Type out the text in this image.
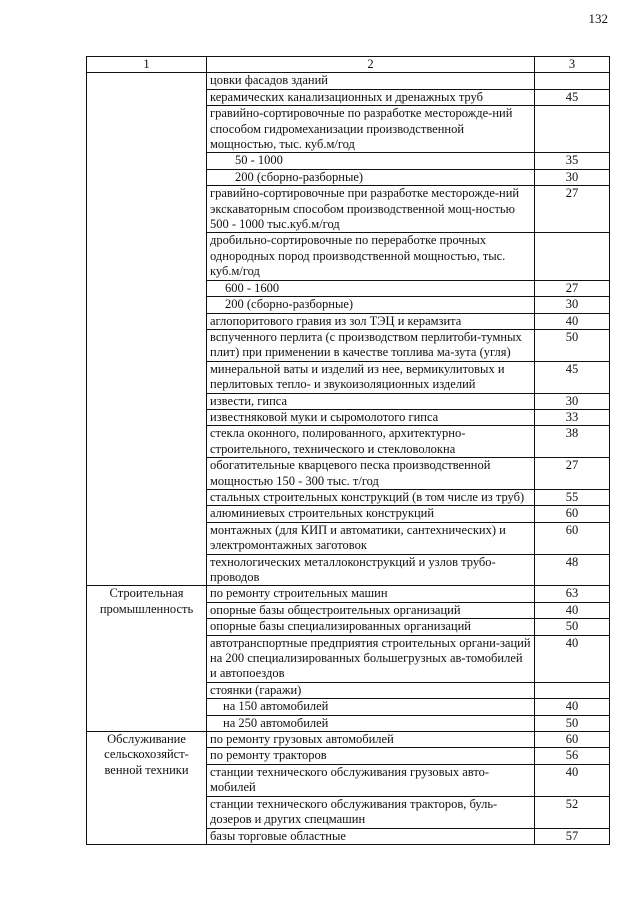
132
1	2	3
	цовки фасадов зданий	
	керамических канализационных и дренажных труб	45
	гравийно-сортировочные по разработке месторожде-ний способом гидромеханизации производственной мощностью, тыс. куб.м/год	
	50 - 1000	35
	200 (сборно-разборные)	30
	гравийно-сортировочные при разработке месторожде-ний экскаваторным способом производственной мощ-ностью 500 - 1000 тыс.куб.м/год	27
	дробильно-сортировочные по переработке прочных однородных пород производственной мощностью, тыс. куб.м/год	
	600 - 1600	27
	200 (сборно-разборные)	30
	аглопоритового гравия из зол ТЭЦ и керамзита	40
	вспученного перлита (с производством перлитоби-тумных плит) при применении в качестве топлива ма-зута (угля)	50
	минеральной ваты и изделий из нее, вермикулитовых и перлитовых тепло- и звукоизоляционных изделий	45
	извести, гипса	30
	известняковой муки и сыромолотого гипса	33
	стекла оконного, полированного, архитектурно-строительного, технического и стекловолокна	38
	обогатительные кварцевого песка производственной мощностью 150 - 300 тыс. т/год	27
	стальных строительных конструкций (в том числе из труб)	55
	алюминиевых строительных конструкций	60
	монтажных (для КИП и автоматики, сантехнических) и электромонтажных заготовок	60
	технологических металлоконструкций и узлов трубо-проводов	48
Строительная промышленность	по ремонту строительных машин	63
	опорные базы общестроительных организаций	40
	опорные базы специализированных организаций	50
	автотранспортные предприятия строительных органи-заций на 200 специализированных большегрузных ав-томобилей и автопоездов	40
	стоянки (гаражи)	
	на 150 автомобилей	40
	на 250 автомобилей	50
Обслуживание сельскохозяйст-венной техники	по ремонту грузовых автомобилей	60
	по ремонту тракторов	56
	станции технического обслуживания грузовых авто-мобилей	40
	станции технического обслуживания тракторов, буль-дозеров и других спецмашин	52
	базы торговые областные	57
